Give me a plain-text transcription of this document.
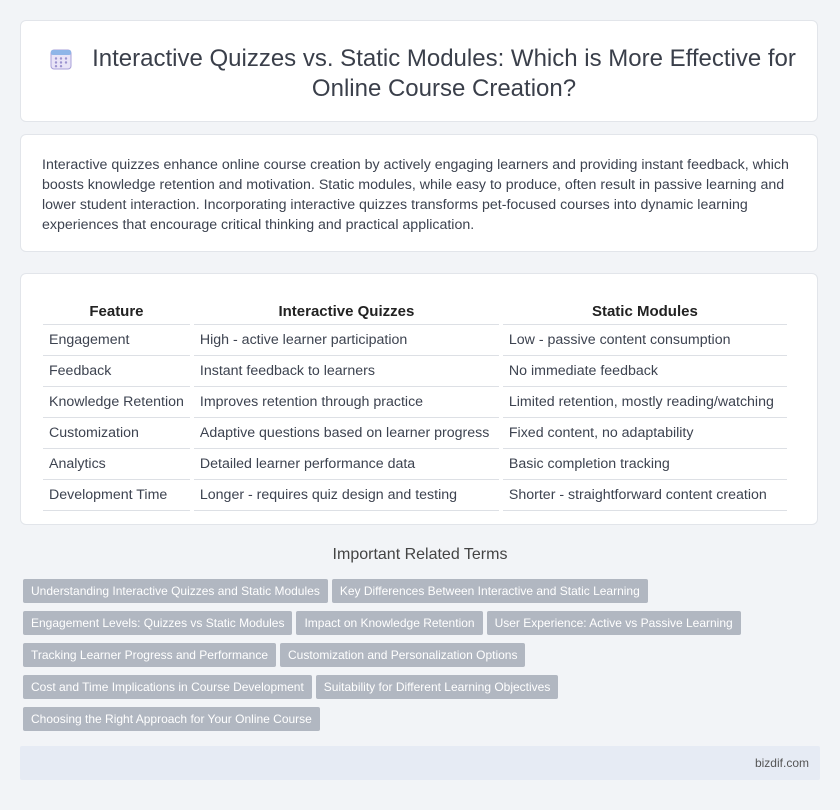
Interactive Quizzes vs. Static Modules: Which is More Effective for Online Course Creation?

Interactive quizzes enhance online course creation by actively engaging learners and providing instant feedback, which boosts knowledge retention and motivation. Static modules, while easy to produce, often result in passive learning and lower student interaction. Incorporating interactive quizzes transforms pet-focused courses into dynamic learning experiences that encourage critical thinking and practical application.

Feature		Interactive Quizzes		Static Modules
Engagement		High - active learner participation		Low - passive content consumption
Feedback		Instant feedback to learners		No immediate feedback
Knowledge Retention		Improves retention through practice		Limited retention, mostly reading/watching
Customization		Adaptive questions based on learner progress		Fixed content, no adaptability
Analytics		Detailed learner performance data		Basic completion tracking
Development Time		Longer - requires quiz design and testing		Shorter - straightforward content creation
Important Related Terms
Understanding Interactive Quizzes and Static Modules Key Differences Between Interactive and Static Learning
Engagement Levels: Quizzes vs Static Modules Impact on Knowledge Retention User Experience: Active vs Passive Learning
Tracking Learner Progress and Performance Customization and Personalization Options
Cost and Time Implications in Course Development Suitability for Different Learning Objectives
Choosing the Right Approach for Your Online Course
bizdif.com
